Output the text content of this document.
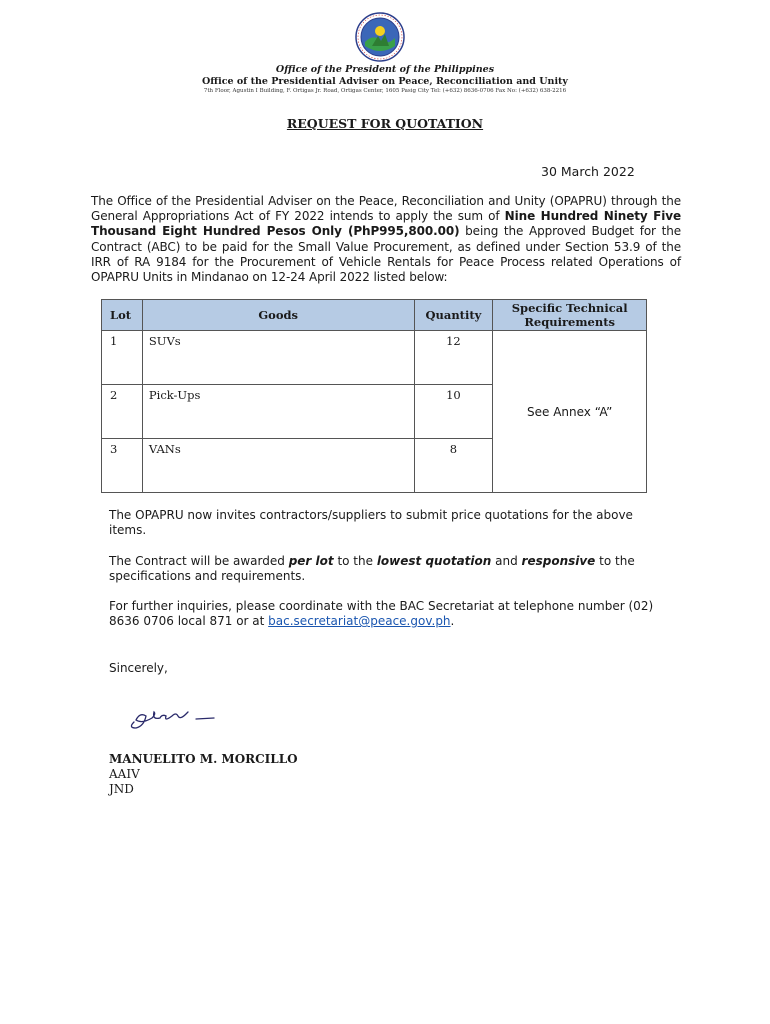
Office of the President of the Philippines
Office of the Presidential Adviser on Peace, Reconciliation and Unity
7th Floor, Agustin I Building, F. Ortigas Jr. Road, Ortigas Center, 1605 Pasig City Tel: (+632) 8636-0706 Fax No: (+632) 638-2216
REQUEST FOR QUOTATION
30 March 2022
The Office of the Presidential Adviser on the Peace, Reconciliation and Unity (OPAPRU) through the General Appropriations Act of FY 2022 intends to apply the sum of Nine Hundred Ninety Five Thousand Eight Hundred Pesos Only (PhP995,800.00) being the Approved Budget for the Contract (ABC) to be paid for the Small Value Procurement, as defined under Section 53.9 of the IRR of RA 9184 for the Procurement of Vehicle Rentals for Peace Process related Operations of OPAPRU Units in Mindanao on 12-24 April 2022 listed below:
Lot	Goods	Quantity	Specific Technical Requirements
1	SUVs	12	See Annex “A”
2	Pick-Ups	10	
3	VANs	8	
The OPAPRU now invites contractors/suppliers to submit price quotations for the above items.
The Contract will be awarded per lot to the lowest quotation and responsive to the specifications and requirements.
For further inquiries, please coordinate with the BAC Secretariat at telephone number (02) 8636 0706 local 871 or at bac.secretariat@peace.gov.ph.
Sincerely,
MANUELITO M. MORCILLO
AAIV
JND
